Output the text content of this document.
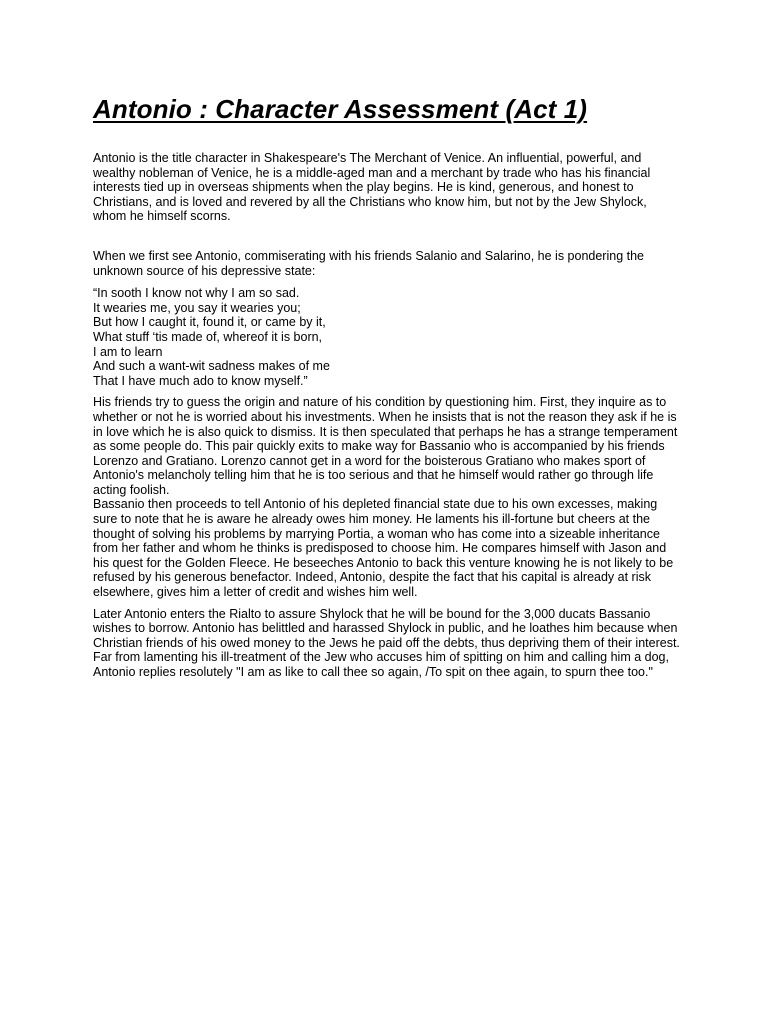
Antonio : Character Assessment (Act 1)

Antonio is the title character in Shakespeare's The Merchant of Venice. An influential, powerful, and wealthy nobleman of Venice, he is a middle-aged man and a merchant by trade who has his financial interests tied up in overseas shipments when the play begins. He is kind, generous, and honest to Christians, and is loved and revered by all the Christians who know him, but not by the Jew Shylock, whom he himself scorns.

When we first see Antonio, commiserating with his friends Salanio and Salarino, he is pondering the unknown source of his depressive state:

“In sooth I know not why I am so sad.
It wearies me, you say it wearies you;
But how I caught it, found it, or came by it,
What stuff ‘tis made of, whereof it is born,
I am to learn
And such a want-wit sadness makes of me
That I have much ado to know myself.”

His friends try to guess the origin and nature of his condition by questioning him. First, they inquire as to whether or not he is worried about his investments. When he insists that is not the reason they ask if he is in love which he is also quick to dismiss. It is then speculated that perhaps he has a strange temperament as some people do. This pair quickly exits to make way for Bassanio who is accompanied by his friends Lorenzo and Gratiano. Lorenzo cannot get in a word for the boisterous Gratiano who makes sport of Antonio's melancholy telling him that he is too serious and that he himself would rather go through life acting foolish.

Bassanio then proceeds to tell Antonio of his depleted financial state due to his own excesses, making sure to note that he is aware he already owes him money. He laments his ill-fortune but cheers at the thought of solving his problems by marrying Portia, a woman who has come into a sizeable inheritance from her father and whom he thinks is predisposed to choose him. He compares himself with Jason and his quest for the Golden Fleece. He beseeches Antonio to back this venture knowing he is not likely to be refused by his generous benefactor. Indeed, Antonio, despite the fact that his capital is already at risk elsewhere, gives him a letter of credit and wishes him well.

Later Antonio enters the Rialto to assure Shylock that he will be bound for the 3,000 ducats Bassanio wishes to borrow. Antonio has belittled and harassed Shylock in public, and he loathes him because when Christian friends of his owed money to the Jews he paid off the debts, thus depriving them of their interest. Far from lamenting his ill-treatment of the Jew who accuses him of spitting on him and calling him a dog, Antonio replies resolutely "I am as like to call thee so again, /To spit on thee again, to spurn thee too."
